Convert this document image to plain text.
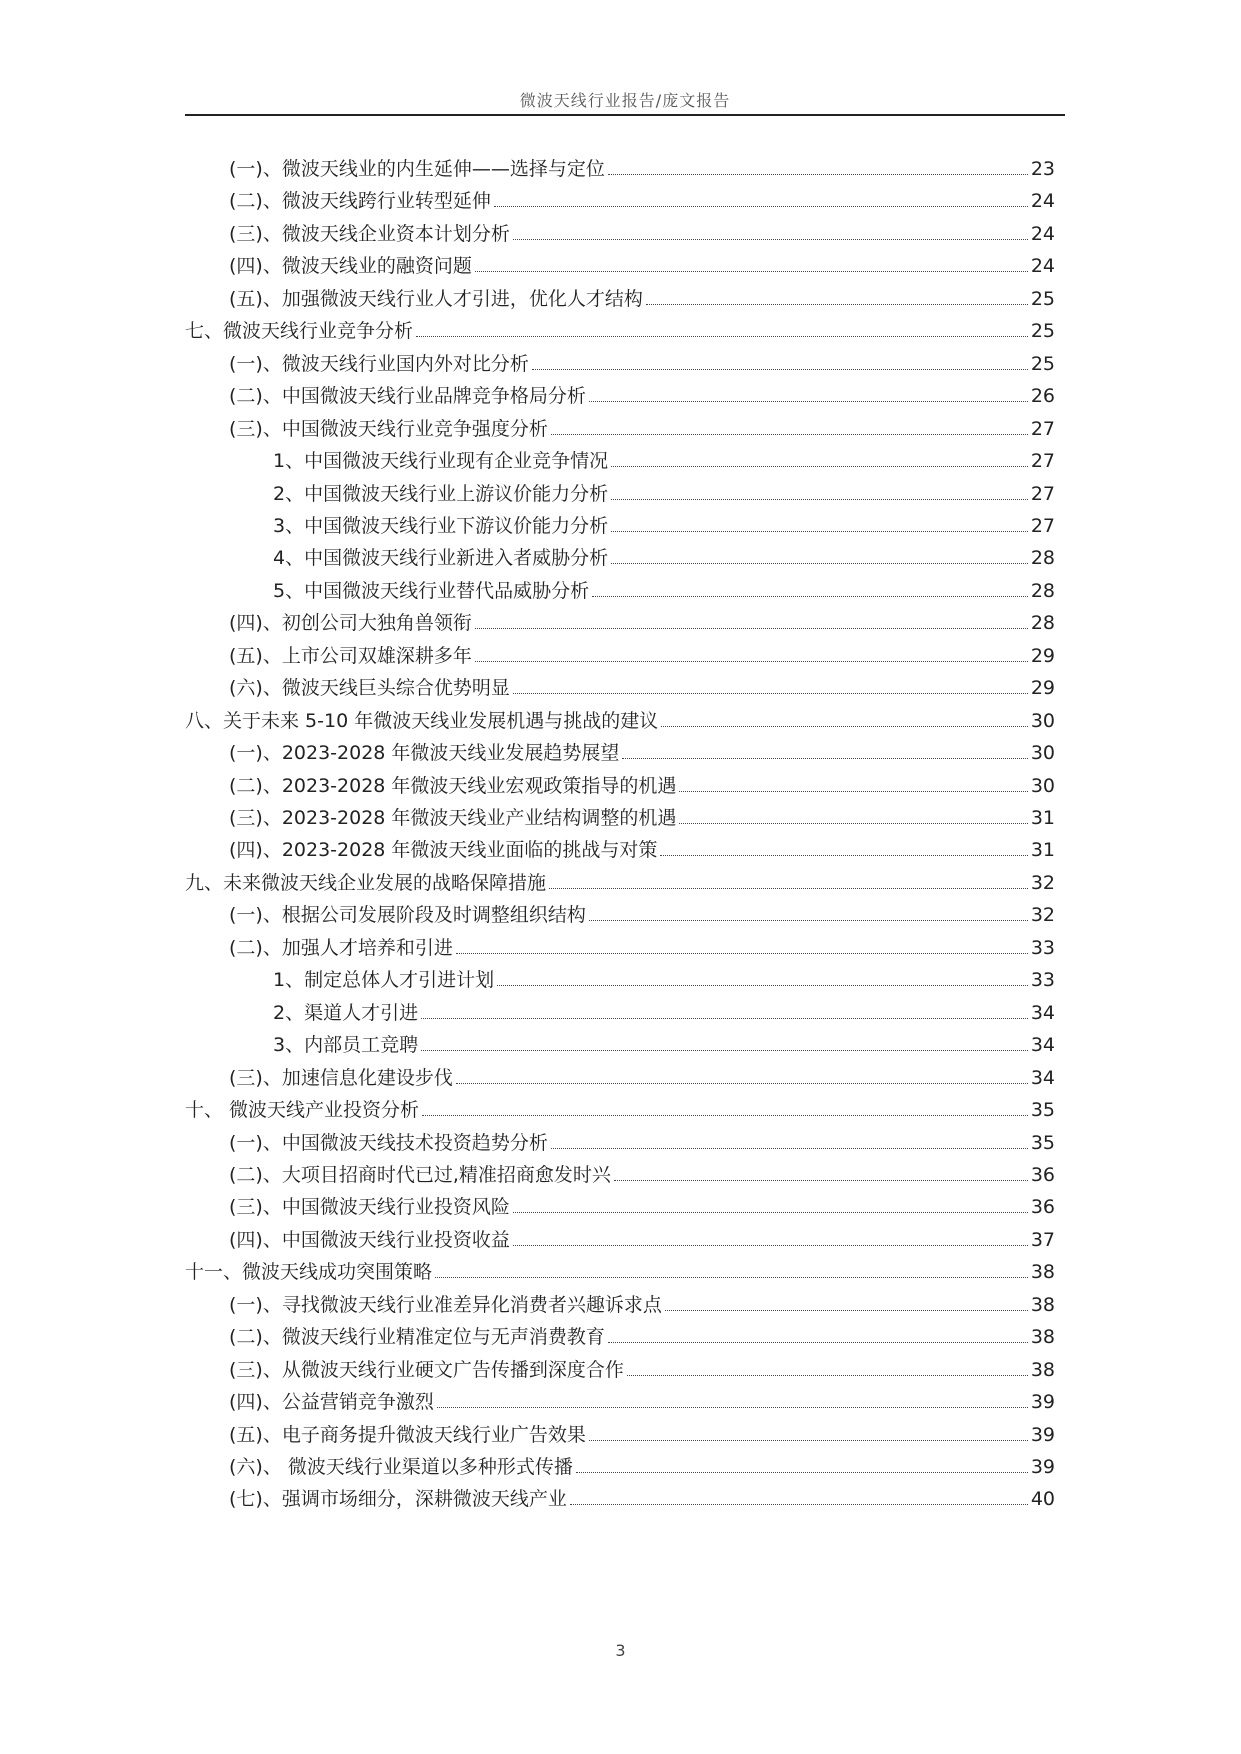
微波天线行业报告/庞文报告
(一)、微波天线业的内生延伸——选择与定位	23
(二)、微波天线跨行业转型延伸	24
(三)、微波天线企业资本计划分析	24
(四)、微波天线业的融资问题	24
(五)、加强微波天线行业人才引进，优化人才结构	25
七、微波天线行业竞争分析	25
(一)、微波天线行业国内外对比分析	25
(二)、中国微波天线行业品牌竞争格局分析	26
(三)、中国微波天线行业竞争强度分析	27
1、中国微波天线行业现有企业竞争情况	27
2、中国微波天线行业上游议价能力分析	27
3、中国微波天线行业下游议价能力分析	27
4、中国微波天线行业新进入者威胁分析	28
5、中国微波天线行业替代品威胁分析	28
(四)、初创公司大独角兽领衔	28
(五)、上市公司双雄深耕多年	29
(六)、微波天线巨头综合优势明显	29
八、关于未来 5-10 年微波天线业发展机遇与挑战的建议	30
(一)、2023-2028 年微波天线业发展趋势展望	30
(二)、2023-2028 年微波天线业宏观政策指导的机遇	30
(三)、2023-2028 年微波天线业产业结构调整的机遇	31
(四)、2023-2028 年微波天线业面临的挑战与对策	31
九、未来微波天线企业发展的战略保障措施	32
(一)、根据公司发展阶段及时调整组织结构	32
(二)、加强人才培养和引进	33
1、制定总体人才引进计划	33
2、渠道人才引进	34
3、内部员工竞聘	34
(三)、加速信息化建设步伐	34
十、 微波天线产业投资分析	35
(一)、中国微波天线技术投资趋势分析	35
(二)、大项目招商时代已过,精准招商愈发时兴	36
(三)、中国微波天线行业投资风险	36
(四)、中国微波天线行业投资收益	37
十一、微波天线成功突围策略	38
(一)、寻找微波天线行业准差异化消费者兴趣诉求点	38
(二)、微波天线行业精准定位与无声消费教育	38
(三)、从微波天线行业硬文广告传播到深度合作	38
(四)、公益营销竞争激烈	39
(五)、电子商务提升微波天线行业广告效果	39
(六)、 微波天线行业渠道以多种形式传播	39
(七)、强调市场细分，深耕微波天线产业	40
3
